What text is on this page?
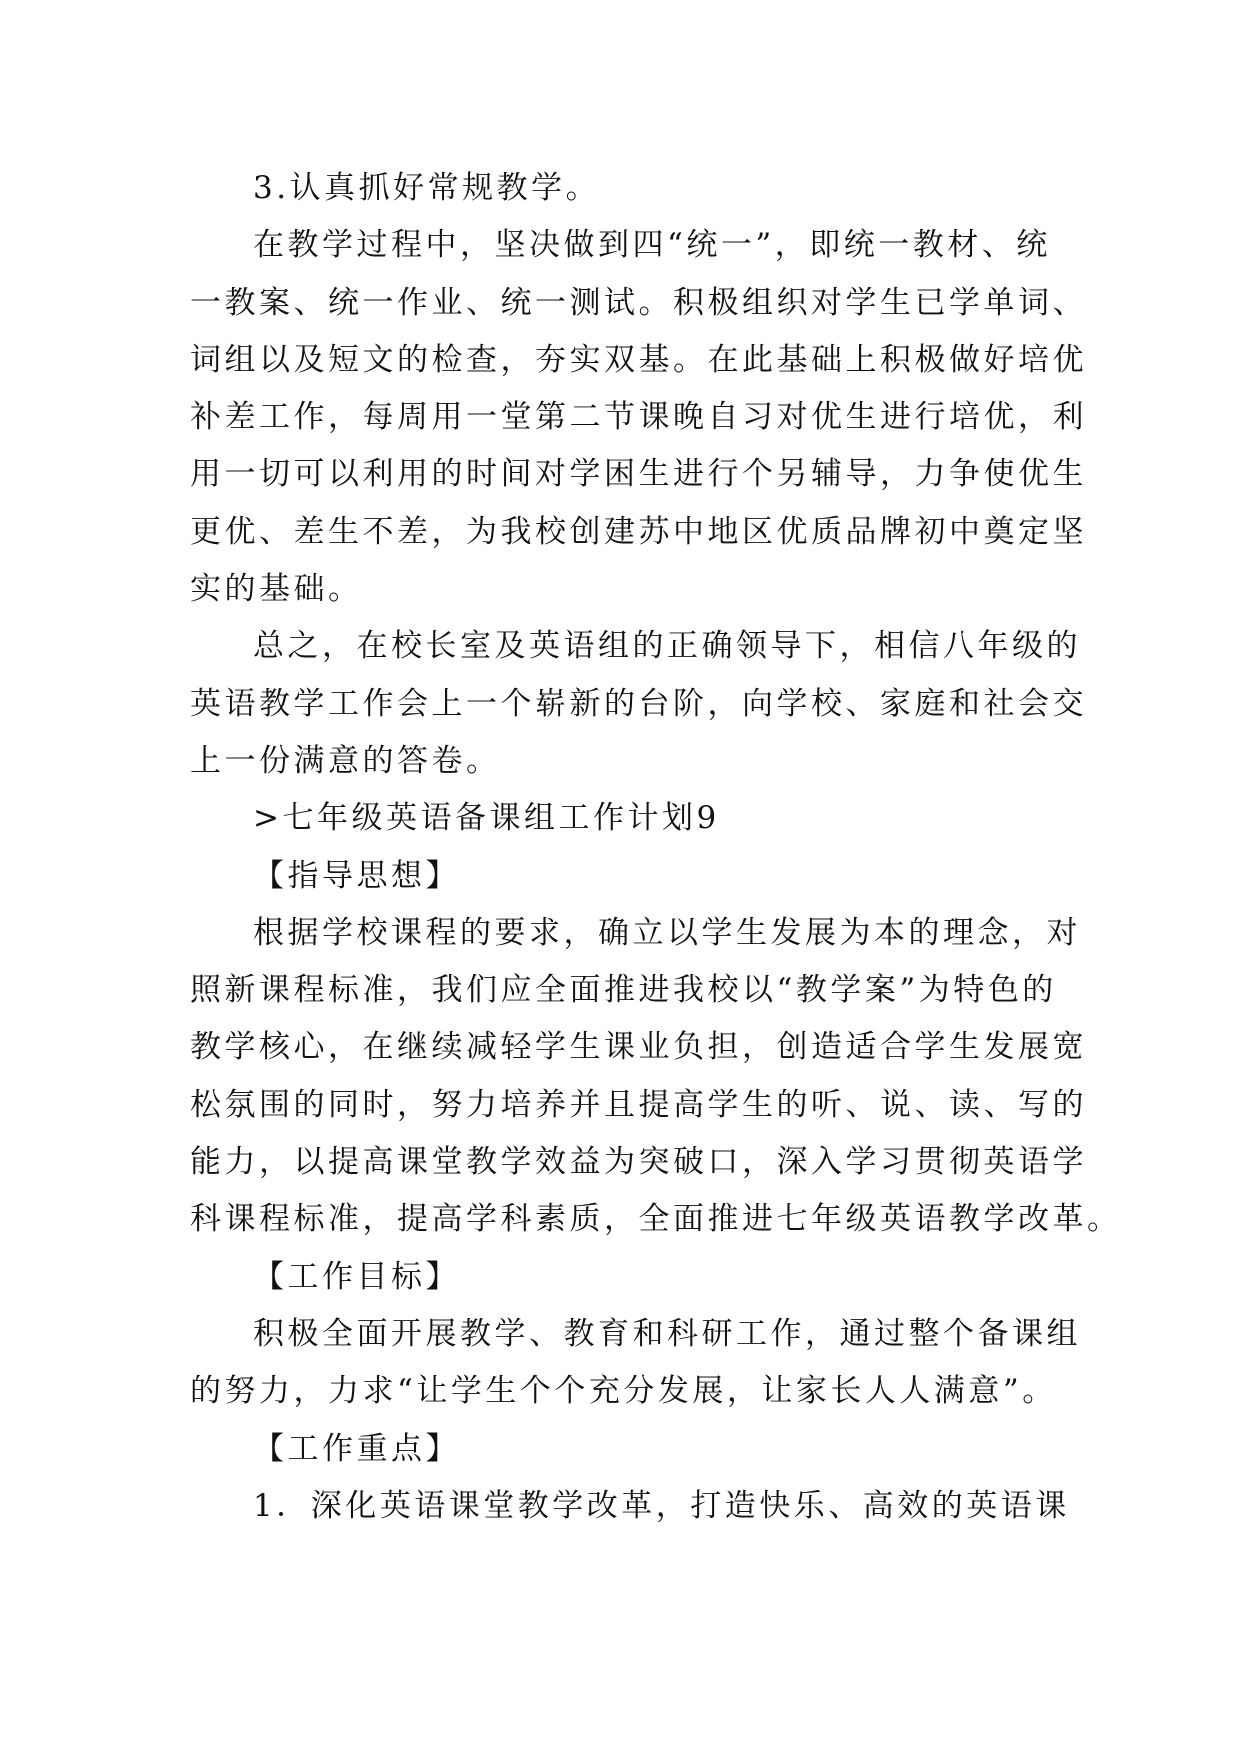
3.认真抓好常规教学。
在教学过程中，坚决做到四“统一”，即统一教材、统
一教案、统一作业、统一测试。积极组织对学生已学单词、
词组以及短文的检查，夯实双基。在此基础上积极做好培优
补差工作，每周用一堂第二节课晚自习对优生进行培优，利
用一切可以利用的时间对学困生进行个另辅导，力争使优生
更优、差生不差，为我校创建苏中地区优质品牌初中奠定坚
实的基础。
总之，在校长室及英语组的正确领导下，相信八年级的
英语教学工作会上一个崭新的台阶，向学校、家庭和社会交
上一份满意的答卷。
>七年级英语备课组工作计划9
【指导思想】
根据学校课程的要求，确立以学生发展为本的理念，对
照新课程标准，我们应全面推进我校以“教学案”为特色的
教学核心，在继续减轻学生课业负担，创造适合学生发展宽
松氛围的同时，努力培养并且提高学生的听、说、读、写的
能力，以提高课堂教学效益为突破口，深入学习贯彻英语学
科课程标准，提高学科素质，全面推进七年级英语教学改革。
【工作目标】
积极全面开展教学、教育和科研工作，通过整个备课组
的努力，力求“让学生个个充分发展，让家长人人满意”。
【工作重点】
1．深化英语课堂教学改革，打造快乐、高效的英语课
